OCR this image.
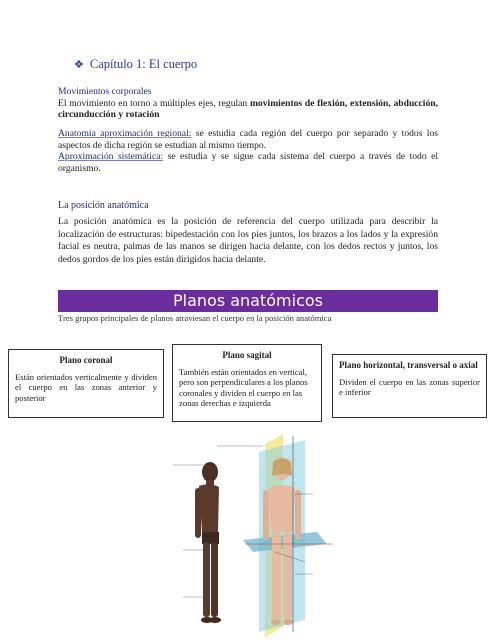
❖ Capítulo 1: El cuerpo
Movimientos corporales
El movimiento en torno a múltiples ejes, regulan movimientos de flexión, extensión, abducción, circunducción y rotación
Anatomía aproximación regional: se estudia cada región del cuerpo por separado y todos los aspectos de dicha región se estudian al mismo tiempo.
Aproximación sistemática: se estudia y se sigue cada sistema del cuerpo a través de todo el organismo.
La posición anatómica
La posición anatómica es la posición de referencia del cuerpo utilizada para describir la localización de estructuras: bipedestación con los pies juntos, los brazos a los lados y la expresión facial es neutra, palmas de las manos se dirigen hacia delante, con los dedos rectos y juntos, los dedos gordos de los pies están dirigidos hacia delante.
Planos anatómicos
Tres grupos principales de planos atraviesan el cuerpo en la posición anatómica
Plano coronal
Están orientados verticalmente y dividen el cuerpo en las zonas anterior y posterior
Plano sagital
También están orientados en vertical, pero son perpendiculares a los planos coronales y dividen el cuerpo en las zonas derechas e izquierda
Plano horizontal, transversal o axial
Dividen el cuerpo en las zonas superior e inferior
